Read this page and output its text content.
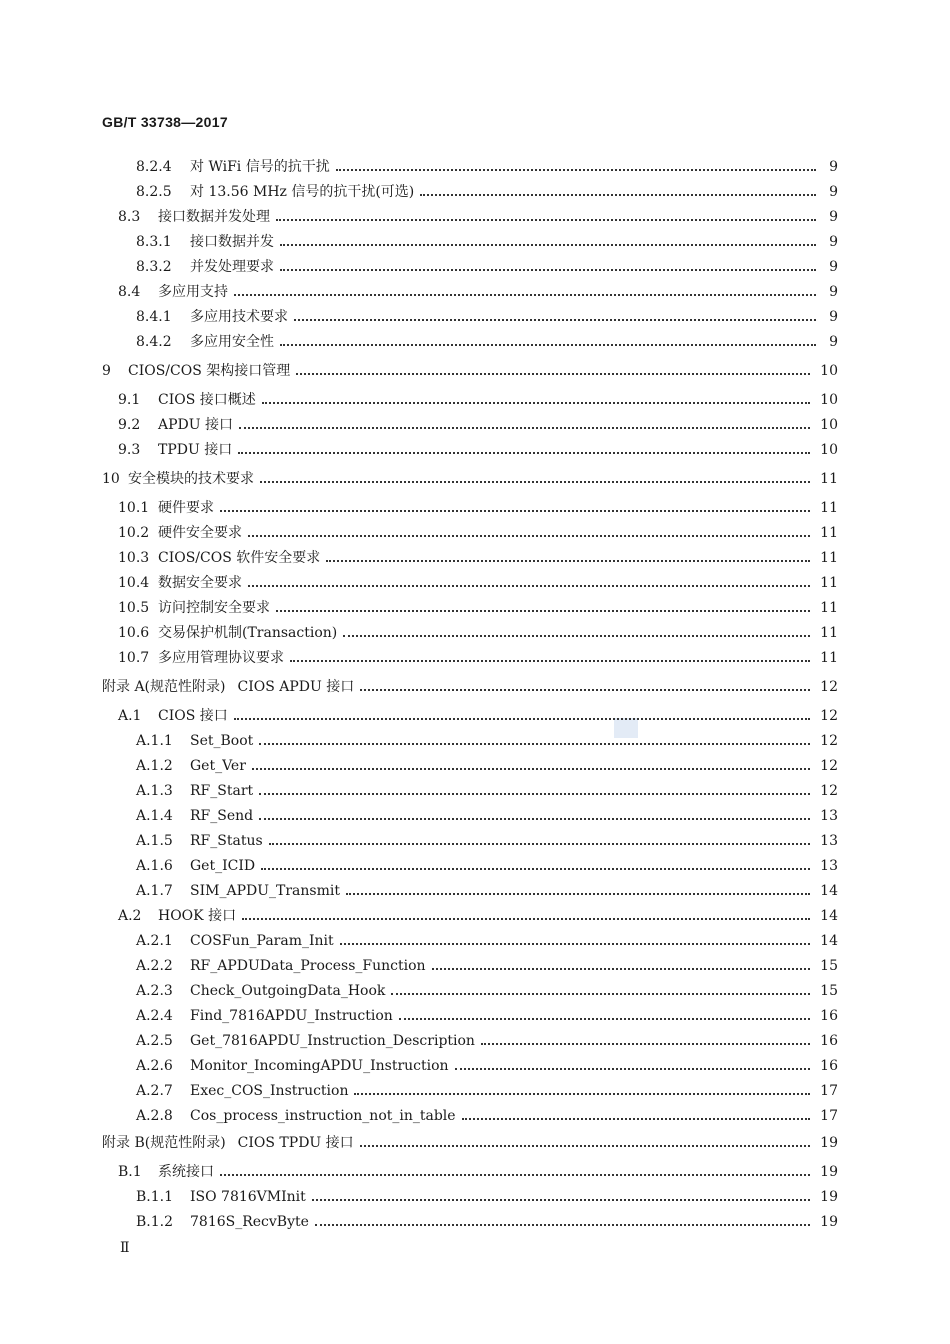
GB/T 33738—2017
8.2.4	对 WiFi 信号的抗干扰	9
8.2.5	对 13.56 MHz 信号的抗干扰(可选)	9
8.3	接口数据并发处理	9
8.3.1	接口数据并发	9
8.3.2	并发处理要求	9
8.4	多应用支持	9
8.4.1	多应用技术要求	9
8.4.2	多应用安全性	9
9	CIOS/COS 架构接口管理	10
9.1	CIOS 接口概述	10
9.2	APDU 接口	10
9.3	TPDU 接口	10
10 安全模块的技术要求	11
10.1 硬件要求	11
10.2 硬件安全要求	11
10.3 CIOS/COS 软件安全要求	11
10.4 数据安全要求	11
10.5 访问控制安全要求	11
10.6 交易保护机制(Transaction)	11
10.7 多应用管理协议要求	11
附录 A(规范性附录) CIOS APDU 接口	12
A.1	CIOS 接口	12
A.1.1	Set_Boot	12
A.1.2	Get_Ver	12
A.1.3	RF_Start	12
A.1.4	RF_Send	13
A.1.5	RF_Status	13
A.1.6	Get_ICID	13
A.1.7	SIM_APDU_Transmit	14
A.2	HOOK 接口	14
A.2.1	COSFun_Param_Init	14
A.2.2	RF_APDUData_Process_Function	15
A.2.3	Check_OutgoingData_Hook	15
A.2.4	Find_7816APDU_Instruction	16
A.2.5	Get_7816APDU_Instruction_Description	16
A.2.6	Monitor_IncomingAPDU_Instruction	16
A.2.7	Exec_COS_Instruction	17
A.2.8	Cos_process_instruction_not_in_table	17
附录 B(规范性附录) CIOS TPDU 接口	19
B.1	系统接口	19
B.1.1	ISO 7816VMInit	19
B.1.2	7816S_RecvByte	19
Ⅱ
